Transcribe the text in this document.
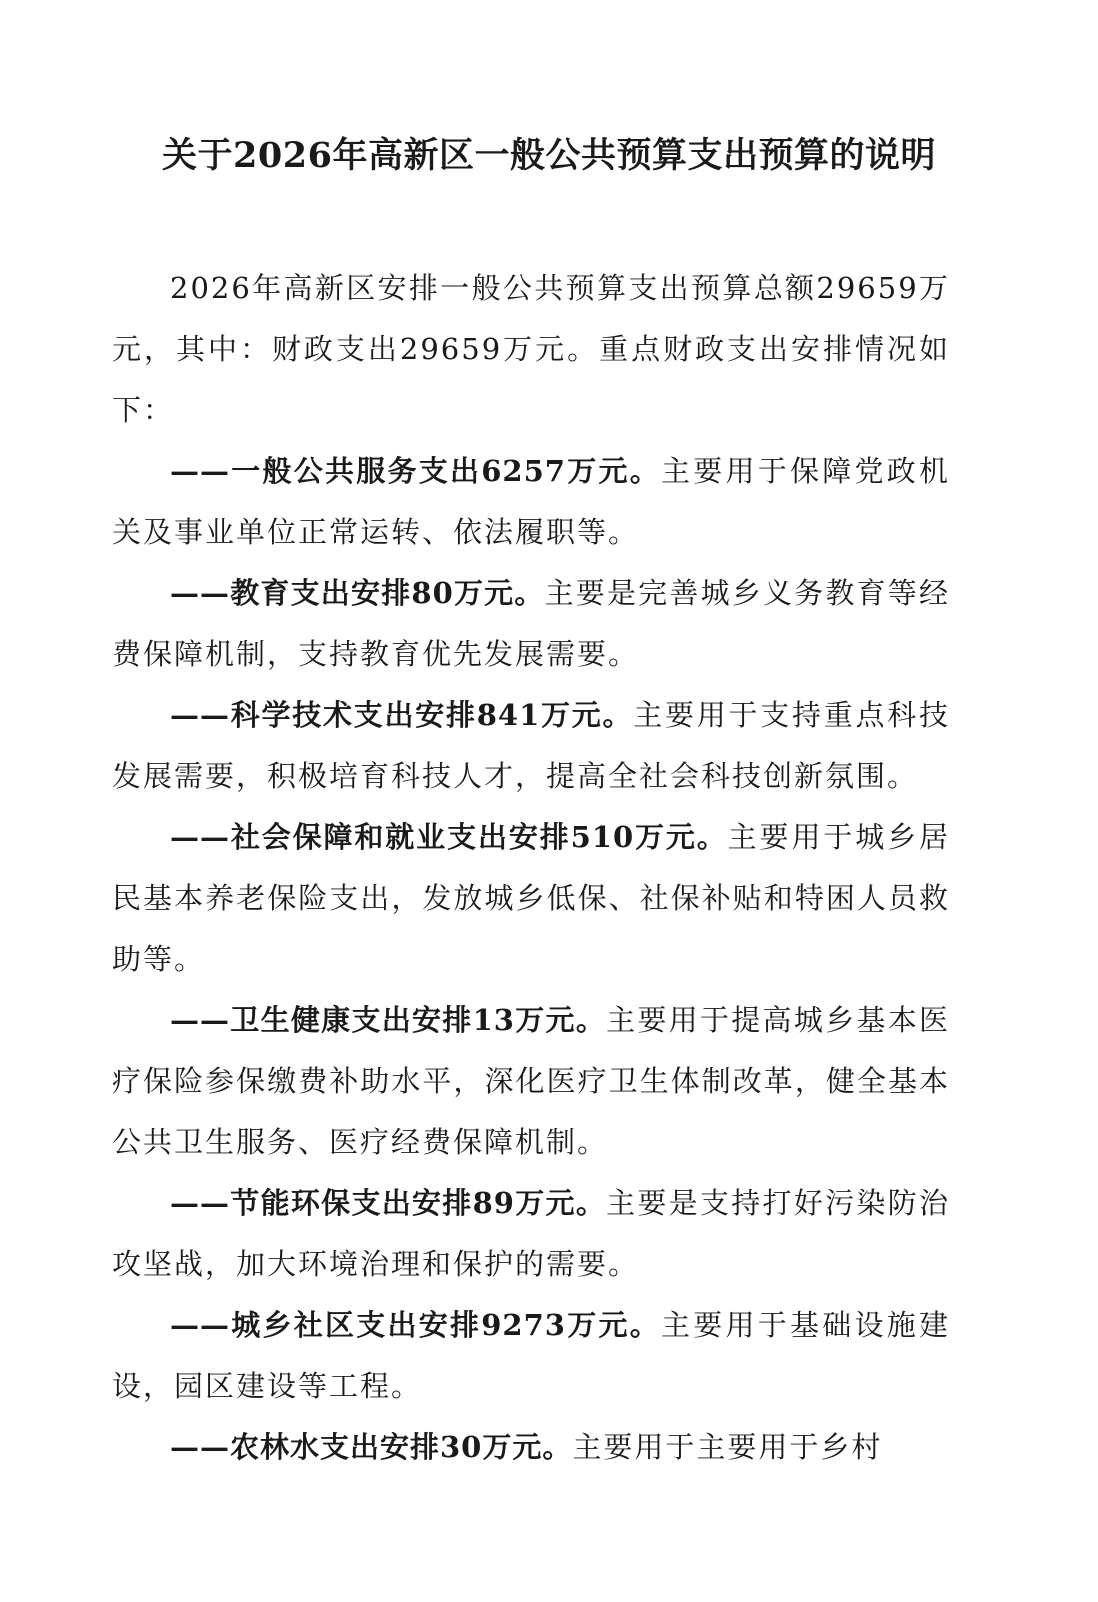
关于2026年高新区一般公共预算支出预算的说明

2026年高新区安排一般公共预算支出预算总额29659万元，其中：财政支出29659万元。重点财政支出安排情况如下：

——一般公共服务支出6257万元。主要用于保障党政机关及事业单位正常运转、依法履职等。

——教育支出安排80万元。主要是完善城乡义务教育等经费保障机制，支持教育优先发展需要。

——科学技术支出安排841万元。主要用于支持重点科技发展需要，积极培育科技人才，提高全社会科技创新氛围。

——社会保障和就业支出安排510万元。主要用于城乡居民基本养老保险支出，发放城乡低保、社保补贴和特困人员救助等。

——卫生健康支出安排13万元。主要用于提高城乡基本医疗保险参保缴费补助水平，深化医疗卫生体制改革，健全基本公共卫生服务、医疗经费保障机制。

——节能环保支出安排89万元。主要是支持打好污染防治攻坚战，加大环境治理和保护的需要。

——城乡社区支出安排9273万元。主要用于基础设施建设，园区建设等工程。

——农林水支出安排30万元。主要用于主要用于乡村
